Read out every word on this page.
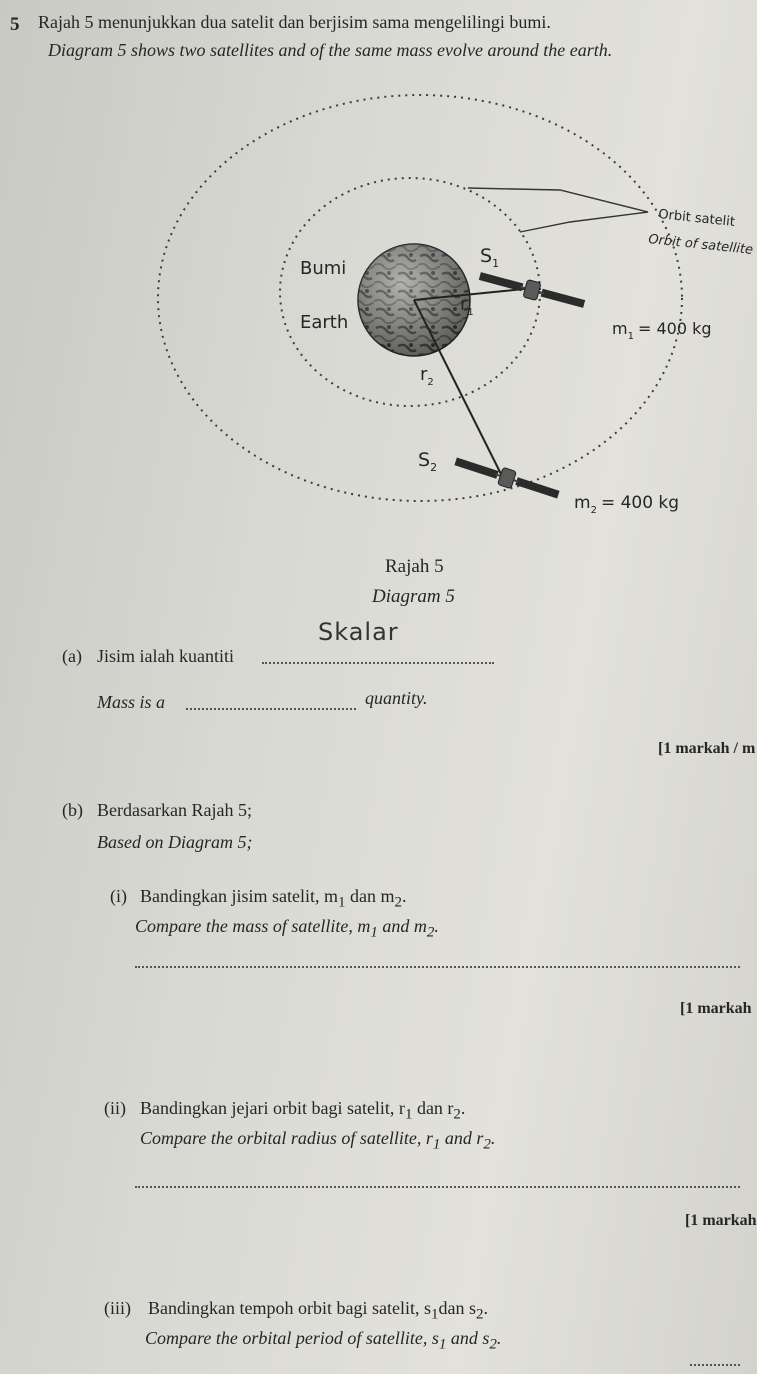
5 Rajah 5 menunjukkan dua satelit dan berjisim sama mengelilingi bumi.
Diagram 5 shows two satellites and of the same mass evolve around the earth.
Bumi
Earth
Orbit satelit
Orbit of satellite
$S_1$
$S_2$
$r_1$
$r_2$
$m_1 = 400$ kg
$m_2 = 400$ kg
Rajah 5
Diagram 5
(a) Jisim ialah kuantiti
Skalar
Mass is a	quantity.
[1 markah / m
(b) Berdasarkan Rajah 5;
Based on Diagram 5;
(i) Bandingkan jisim satelit, $m_1$ dan $m_2$.
Compare the mass of satellite, $m_1$ and $m_2$.
[1 markah
(ii) Bandingkan jejari orbit bagi satelit, $r_1$ dan $r_2$.
Compare the orbital radius of satellite, $r_1$ and $r_2$.
[1 markah
(iii) Bandingkan tempoh orbit bagi satelit, $s_1dan$ $s_2$.
Compare the orbital period of satellite, $s_1$ and $s_2$.
